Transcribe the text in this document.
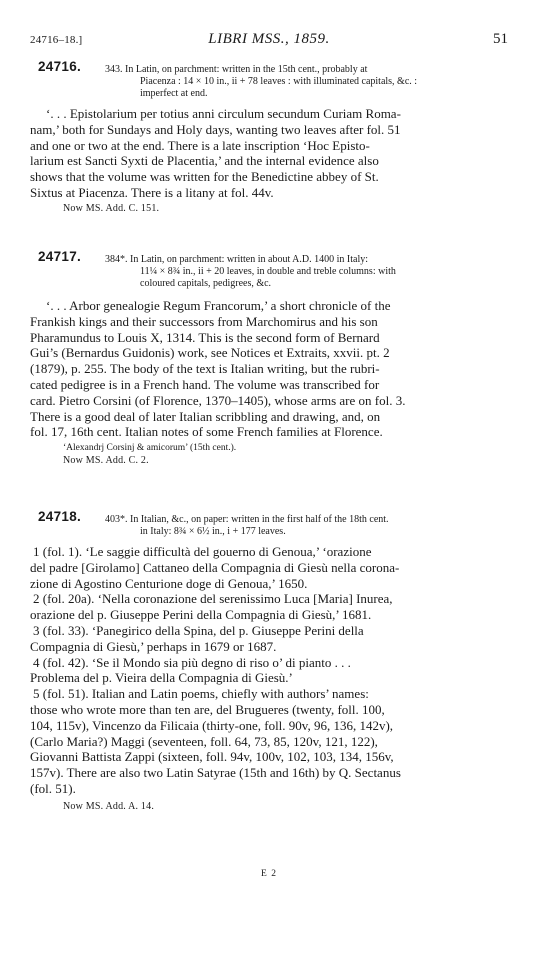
24716–18.]	LIBRI MSS., 1859.	51
24716. 343. In Latin, on parchment: written in the 15th cent., probably at
Piacenza : 14 × 10 in., ii + 78 leaves : with illuminated capitals, &c. :
imperfect at end.
‘. . . Epistolarium per totius anni circulum secundum Curiam Roma-
nam,’ both for Sundays and Holy days, wanting two leaves after fol. 51
and one or two at the end. There is a late inscription ‘Hoc Episto-
larium est Sancti Syxti de Placentia,’ and the internal evidence also
shows that the volume was written for the Benedictine abbey of St.
Sixtus at Piacenza. There is a litany at fol. 44v.
Now MS. Add. C. 151.
24717. 384*. In Latin, on parchment: written in about A.D. 1400 in Italy:
11¼ × 8¾ in., ii + 20 leaves, in double and treble columns: with
coloured capitals, pedigrees, &c.
‘. . . Arbor genealogie Regum Francorum,’ a short chronicle of the
Frankish kings and their successors from Marchomirus and his son
Pharamundus to Louis X, 1314. This is the second form of Bernard
Gui’s (Bernardus Guidonis) work, see Notices et Extraits, xxvii. pt. 2
(1879), p. 255. The body of the text is Italian writing, but the rubri-
cated pedigree is in a French hand. The volume was transcribed for
card. Pietro Corsini (of Florence, 1370–1405), whose arms are on fol. 3.
There is a good deal of later Italian scribbling and drawing, and, on
fol. 17, 16th cent. Italian notes of some French families at Florence.
‘Alexandrj Corsinj & amicorum’ (15th cent.).
Now MS. Add. C. 2.
24718. 403*. In Italian, &c., on paper: written in the first half of the 18th cent.
in Italy: 8¾ × 6½ in., i + 177 leaves.
1 (fol. 1). ‘Le saggie difficultà del gouerno di Genoua,’ ‘orazione
del padre [Girolamo] Cattaneo della Compagnia di Giesù nella corona-
zione di Agostino Centurione doge di Genoua,’ 1650.
2 (fol. 20a). ‘Nella coronazione del serenissimo Luca [Maria] Inurea,
orazione del p. Giuseppe Perini della Compagnia di Giesù,’ 1681.
3 (fol. 33). ‘Panegirico della Spina, del p. Giuseppe Perini della
Compagnia di Giesù,’ perhaps in 1679 or 1687.
4 (fol. 42). ‘Se il Mondo sia più degno di riso o’ di pianto . . .
Problema del p. Vieira della Compagnia di Giesù.’
5 (fol. 51). Italian and Latin poems, chiefly with authors’ names:
those who wrote more than ten are, del Brugueres (twenty, foll. 100,
104, 115v), Vincenzo da Filicaia (thirty-one, foll. 90v, 96, 136, 142v),
(Carlo Maria?) Maggi (seventeen, foll. 64, 73, 85, 120v, 121, 122),
Giovanni Battista Zappi (sixteen, foll. 94v, 100v, 102, 103, 134, 156v,
157v). There are also two Latin Satyrae (15th and 16th) by Q. Sectanus
(fol. 51).
Now MS. Add. A. 14.
E 2
